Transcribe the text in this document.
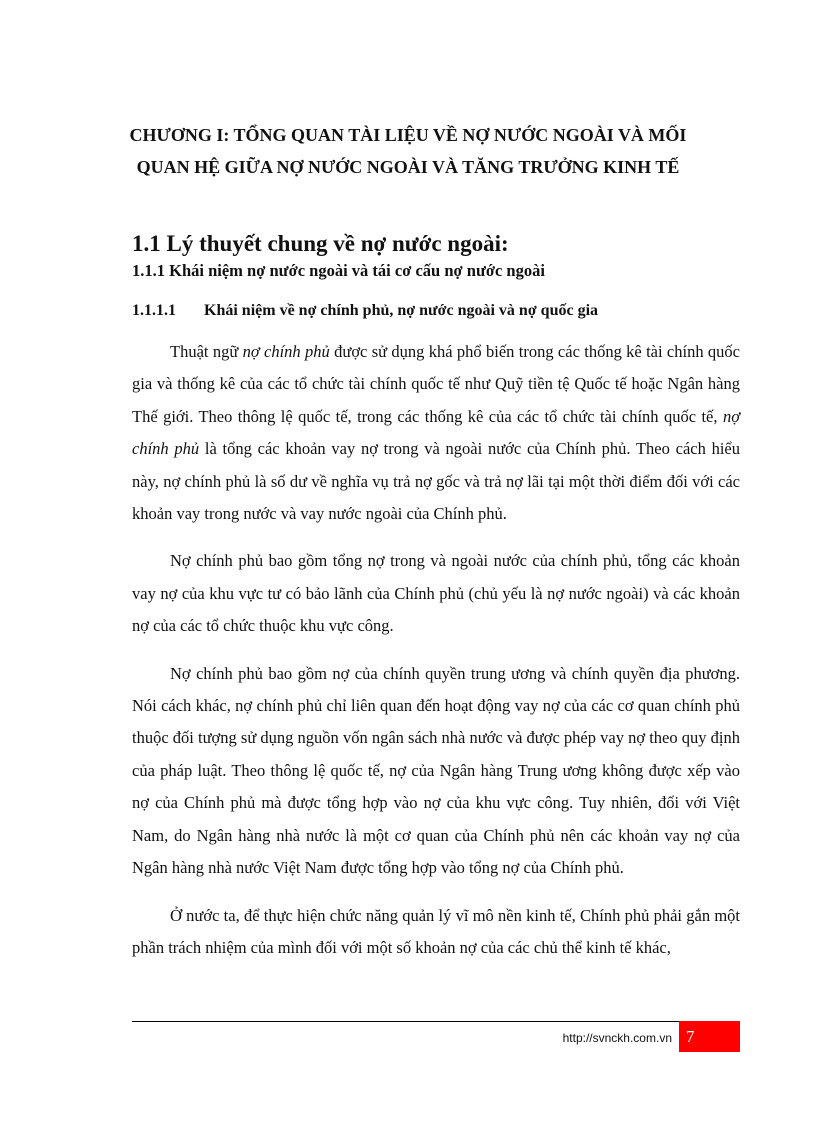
CHƯƠNG I: TỔNG QUAN TÀI LIỆU VỀ NỢ NƯỚC NGOÀI VÀ MỐI
QUAN HỆ GIỮA NỢ NƯỚC NGOÀI VÀ TĂNG TRƯỞNG KINH TẾ
1.1 Lý thuyết chung về nợ nước ngoài:
1.1.1 Khái niệm nợ nước ngoài và tái cơ cấu nợ nước ngoài
1.1.1.1 Khái niệm về nợ chính phủ, nợ nước ngoài và nợ quốc gia

Thuật ngữ nợ chính phủ được sử dụng khá phổ biến trong các thống kê tài chính quốc gia và thống kê của các tổ chức tài chính quốc tế như Quỹ tiền tệ Quốc tế hoặc Ngân hàng Thế giới. Theo thông lệ quốc tế, trong các thống kê của các tổ chức tài chính quốc tế, nợ chính phủ là tổng các khoản vay nợ trong và ngoài nước của Chính phủ. Theo cách hiểu này, nợ chính phủ là số dư về nghĩa vụ trả nợ gốc và trả nợ lãi tại một thời điểm đối với các khoản vay trong nước và vay nước ngoài của Chính phủ.

Nợ chính phủ bao gồm tổng nợ trong và ngoài nước của chính phủ, tổng các khoản vay nợ của khu vực tư có bảo lãnh của Chính phủ (chủ yếu là nợ nước ngoài) và các khoản nợ của các tổ chức thuộc khu vực công.

Nợ chính phủ bao gồm nợ của chính quyền trung ương và chính quyền địa phương. Nói cách khác, nợ chính phủ chỉ liên quan đến hoạt động vay nợ của các cơ quan chính phủ thuộc đối tượng sử dụng nguồn vốn ngân sách nhà nước và được phép vay nợ theo quy định của pháp luật. Theo thông lệ quốc tế, nợ của Ngân hàng Trung ương không được xếp vào nợ của Chính phủ mà được tổng hợp vào nợ của khu vực công. Tuy nhiên, đối với Việt Nam, do Ngân hàng nhà nước là một cơ quan của Chính phủ nên các khoản vay nợ của Ngân hàng nhà nước Việt Nam được tổng hợp vào tổng nợ của Chính phủ.

Ở nước ta, để thực hiện chức năng quản lý vĩ mô nền kinh tế, Chính phủ phải gắn một phần trách nhiệm của mình đối với một số khoản nợ của các chủ thể kinh tế khác,

http://svnckh.com.vn 7
